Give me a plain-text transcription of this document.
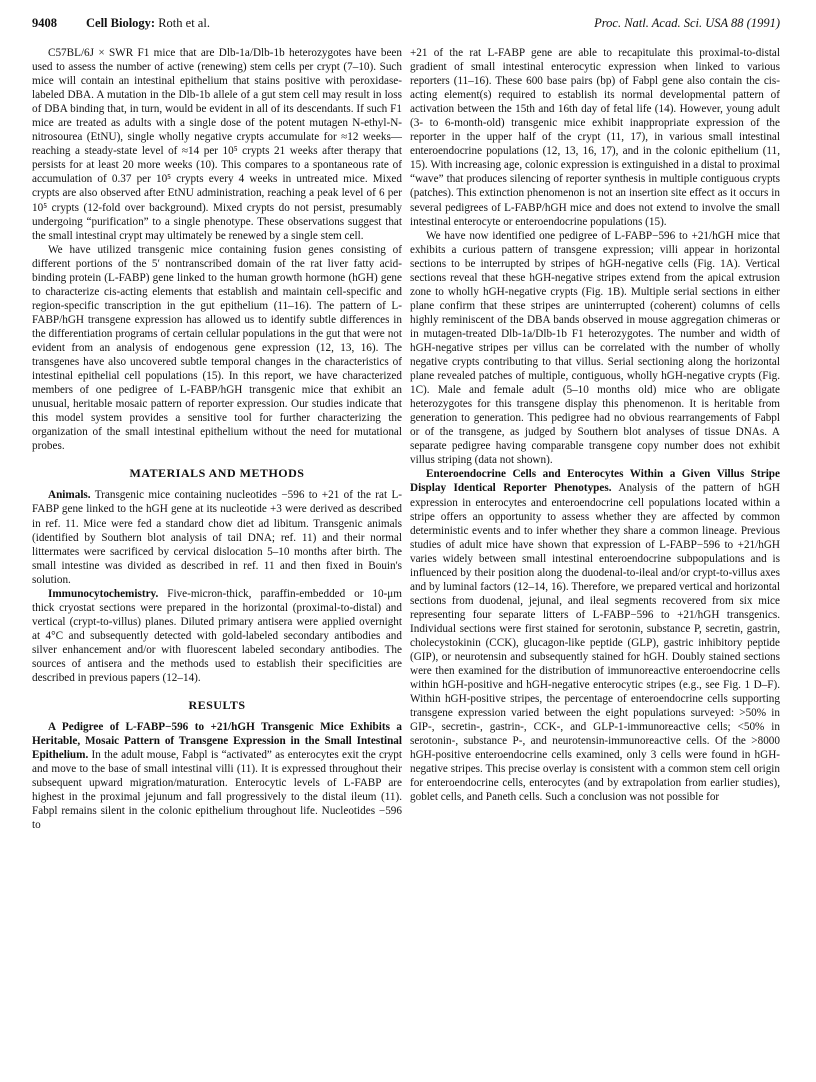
9408 Cell Biology: Roth et al.	Proc. Natl. Acad. Sci. USA 88 (1991)

C57BL/6J × SWR F1 mice that are Dlb-1a/Dlb-1b heterozygotes have been used to assess the number of active (renewing) stem cells per crypt (7–10). Such mice will contain an intestinal epithelium that stains positive with peroxidase-labeled DBA. A mutation in the Dlb-1b allele of a gut stem cell may result in loss of DBA binding that, in turn, would be evident in all of its descendants. If such F1 mice are treated as adults with a single dose of the potent mutagen N-ethyl-N-nitrosourea (EtNU), single wholly negative crypts accumulate for ≈12 weeks—reaching a steady-state level of ≈14 per 10⁵ crypts 21 weeks after therapy that persists for at least 20 more weeks (10). This compares to a spontaneous rate of accumulation of 0.37 per 10⁵ crypts every 4 weeks in untreated mice. Mixed crypts are also observed after EtNU administration, reaching a peak level of 6 per 10⁵ crypts (12-fold over background). Mixed crypts do not persist, presumably undergoing “purification” to a single phenotype. These observations suggest that the small intestinal crypt may ultimately be renewed by a single stem cell.

We have utilized transgenic mice containing fusion genes consisting of different portions of the 5′ nontranscribed domain of the rat liver fatty acid-binding protein (L-FABP) gene linked to the human growth hormone (hGH) gene to characterize cis-acting elements that establish and maintain cell-specific and region-specific transcription in the gut epithelium (11–16). The pattern of L-FABP/hGH transgene expression has allowed us to identify subtle differences in the differentiation programs of certain cellular populations in the gut that were not evident from an analysis of endogenous gene expression (12, 13, 16). The transgenes have also uncovered subtle temporal changes in the characteristics of intestinal epithelial cell populations (15). In this report, we have characterized members of one pedigree of L-FABP/hGH transgenic mice that exhibit an unusual, heritable mosaic pattern of reporter expression. Our studies indicate that this model system provides a sensitive tool for further characterizing the organization of the small intestinal epithelium without the need for mutational probes.

MATERIALS AND METHODS

Animals. Transgenic mice containing nucleotides −596 to +21 of the rat L-FABP gene linked to the hGH gene at its nucleotide +3 were derived as described in ref. 11. Mice were fed a standard chow diet ad libitum. Transgenic animals (identified by Southern blot analysis of tail DNA; ref. 11) and their normal littermates were sacrificed by cervical dislocation 5–10 months after birth. The small intestine was divided as described in ref. 11 and then fixed in Bouin's solution.

Immunocytochemistry. Five-micron-thick, paraffin-embedded or 10-μm thick cryostat sections were prepared in the horizontal (proximal-to-distal) and vertical (crypt-to-villus) planes. Diluted primary antisera were applied overnight at 4°C and subsequently detected with gold-labeled secondary antibodies and silver enhancement and/or with fluorescent labeled secondary antibodies. The sources of antisera and the methods used to establish their specificities are described in previous papers (12–14).

RESULTS

A Pedigree of L-FABP−596 to +21/hGH Transgenic Mice Exhibits a Heritable, Mosaic Pattern of Transgene Expression in the Small Intestinal Epithelium. In the adult mouse, Fabpl is “activated” as enterocytes exit the crypt and move to the base of small intestinal villi (11). It is expressed throughout their subsequent upward migration/maturation. Enterocytic levels of L-FABP are highest in the proximal jejunum and fall progressively to the distal ileum (11). Fabpl remains silent in the colonic epithelium throughout life. Nucleotides −596 to

+21 of the rat L-FABP gene are able to recapitulate this proximal-to-distal gradient of small intestinal enterocytic expression when linked to various reporters (11–16). These 600 base pairs (bp) of Fabpl gene also contain the cis-acting element(s) required to establish its normal developmental pattern of activation between the 15th and 16th day of fetal life (14). However, young adult (3- to 6-month-old) transgenic mice exhibit inappropriate expression of the reporter in the upper half of the crypt (11, 17), in various small intestinal enteroendocrine populations (12, 13, 16, 17), and in the colonic epithelium (11, 15). With increasing age, colonic expression is extinguished in a distal to proximal “wave” that produces silencing of reporter synthesis in multiple contiguous crypts (patches). This extinction phenomenon is not an insertion site effect as it occurs in several pedigrees of L-FABP/hGH mice and does not extend to involve the small intestinal enterocyte or enteroendocrine populations (15).

We have now identified one pedigree of L-FABP−596 to +21/hGH mice that exhibits a curious pattern of transgene expression; villi appear in horizontal sections to be interrupted by stripes of hGH-negative cells (Fig. 1A). Vertical sections reveal that these hGH-negative stripes extend from the apical extrusion zone to wholly hGH-negative crypts (Fig. 1B). Multiple serial sections in either plane confirm that these stripes are uninterrupted (coherent) columns of cells highly reminiscent of the DBA bands observed in mouse aggregation chimeras or in mutagen-treated Dlb-1a/Dlb-1b F1 heterozygotes. The number and width of hGH-negative stripes per villus can be correlated with the number of wholly negative crypts contributing to that villus. Serial sectioning along the horizontal plane revealed patches of multiple, contiguous, wholly hGH-negative crypts (Fig. 1C). Male and female adult (5–10 months old) mice who are obligate heterozygotes for this transgene display this phenomenon. It is heritable from generation to generation. This pedigree had no obvious rearrangements of Fabpl or of the transgene, as judged by Southern blot analyses of tissue DNAs. A separate pedigree having comparable transgene copy number does not exhibit villus striping (data not shown).

Enteroendocrine Cells and Enterocytes Within a Given Villus Stripe Display Identical Reporter Phenotypes. Analysis of the pattern of hGH expression in enterocytes and enteroendocrine cell populations located within a stripe offers an opportunity to assess whether they are affected by common deterministic events and to infer whether they share a common lineage. Previous studies of adult mice have shown that expression of L-FABP−596 to +21/hGH varies widely between small intestinal enteroendocrine subpopulations and is influenced by their position along the duodenal-to-ileal and/or crypt-to-villus axes and by luminal factors (12–14, 16). Therefore, we prepared vertical and horizontal sections from duodenal, jejunal, and ileal segments recovered from six mice representing four separate litters of L-FABP−596 to +21/hGH transgenics. Individual sections were first stained for serotonin, substance P, secretin, gastrin, cholecystokinin (CCK), glucagon-like peptide (GLP), gastric inhibitory peptide (GIP), or neurotensin and subsequently stained for hGH. Doubly stained sections were then examined for the distribution of immunoreactive enteroendocrine cells within hGH-positive and hGH-negative enterocytic stripes (e.g., see Fig. 1 D–F). Within hGH-positive stripes, the percentage of enteroendocrine cells supporting transgene expression varied between the eight populations surveyed: >50% in GIP-, secretin-, gastrin-, CCK-, and GLP-1-immunoreactive cells; <50% in serotonin-, substance P-, and neurotensin-immunoreactive cells. Of the >8000 hGH-positive enteroendocrine cells examined, only 3 cells were found in hGH-negative stripes. This precise overlay is consistent with a common stem cell origin for enteroendocrine cells, enterocytes (and by extrapolation from earlier studies), goblet cells, and Paneth cells. Such a conclusion was not possible for
